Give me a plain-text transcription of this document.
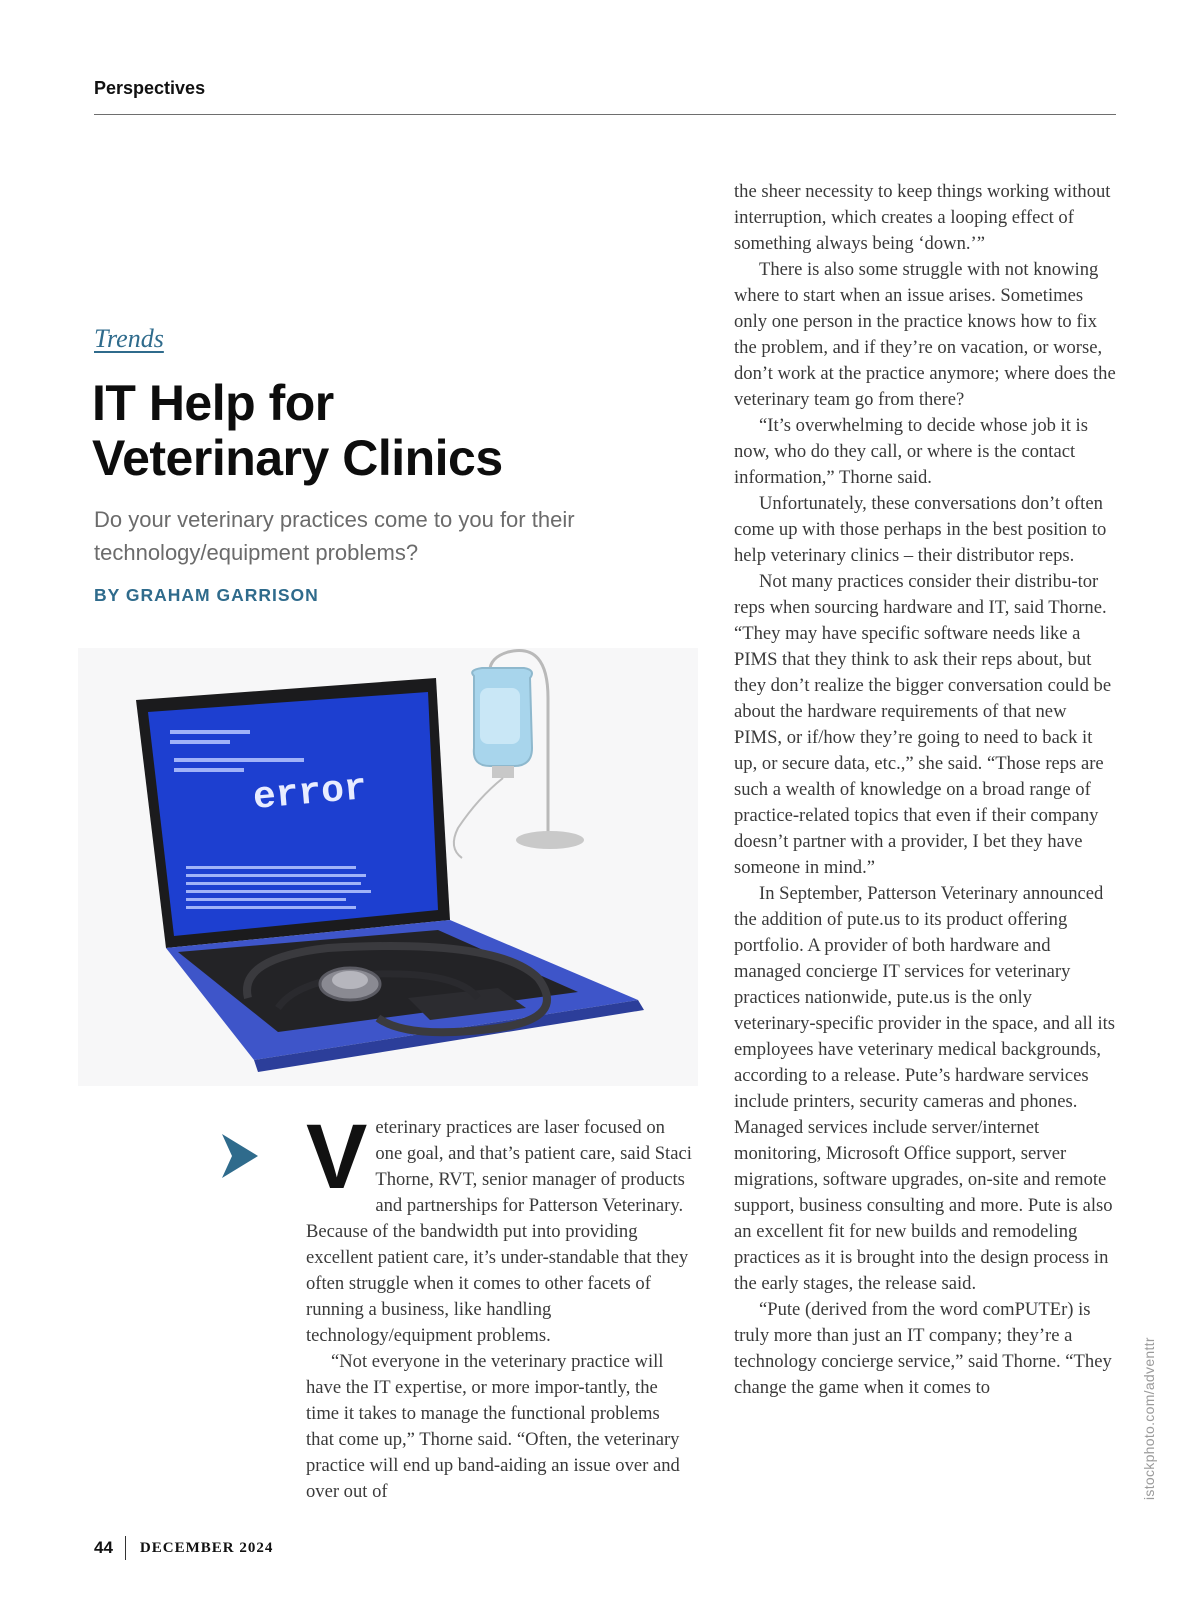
Perspectives
Trends
IT Help for
Veterinary Clinics

Do your veterinary practices come to you for their technology/equipment problems?

BY GRAHAM GARRISON
error

Veterinary practices are laser focused on one goal, and that’s patient care, said Staci Thorne, RVT, senior manager of products and partnerships for Patterson Veterinary. Because of the bandwidth put into providing excellent patient care, it’s under-standable that they often struggle when it comes to other facets of running a business, like handling technology/equipment problems.

“Not everyone in the veterinary practice will have the IT expertise, or more impor-tantly, the time it takes to manage the functional problems that come up,” Thorne said. “Often, the veterinary practice will end up band-aiding an issue over and over out of

the sheer necessity to keep things working without interruption, which creates a looping effect of something always being ‘down.’”

There is also some struggle with not knowing where to start when an issue arises. Sometimes only one person in the practice knows how to fix the problem, and if they’re on vacation, or worse, don’t work at the practice anymore; where does the veterinary team go from there?

“It’s overwhelming to decide whose job it is now, who do they call, or where is the contact information,” Thorne said.

Unfortunately, these conversations don’t often come up with those perhaps in the best position to help veterinary clinics – their distributor reps.

Not many practices consider their distribu-tor reps when sourcing hardware and IT, said Thorne. “They may have specific software needs like a PIMS that they think to ask their reps about, but they don’t realize the bigger conversation could be about the hardware requirements of that new PIMS, or if/how they’re going to need to back it up, or secure data, etc.,” she said. “Those reps are such a wealth of knowledge on a broad range of practice-related topics that even if their company doesn’t partner with a provider, I bet they have someone in mind.”

In September, Patterson Veterinary announced the addition of pute.us to its product offering portfolio. A provider of both hardware and managed concierge IT services for veterinary practices nationwide, pute.us is the only veterinary-specific provider in the space, and all its employees have veterinary medical backgrounds, according to a release. Pute’s hardware services include printers, security cameras and phones. Managed services include server/internet monitoring, Microsoft Office support, server migrations, software upgrades, on-site and remote support, business consulting and more. Pute is also an excellent fit for new builds and remodeling practices as it is brought into the design process in the early stages, the release said.

“Pute (derived from the word comPUTEr) is truly more than just an IT company; they’re a technology concierge service,” said Thorne. “They change the game when it comes to	istockphoto.com/adventtr
44 DECEMBER 2024
